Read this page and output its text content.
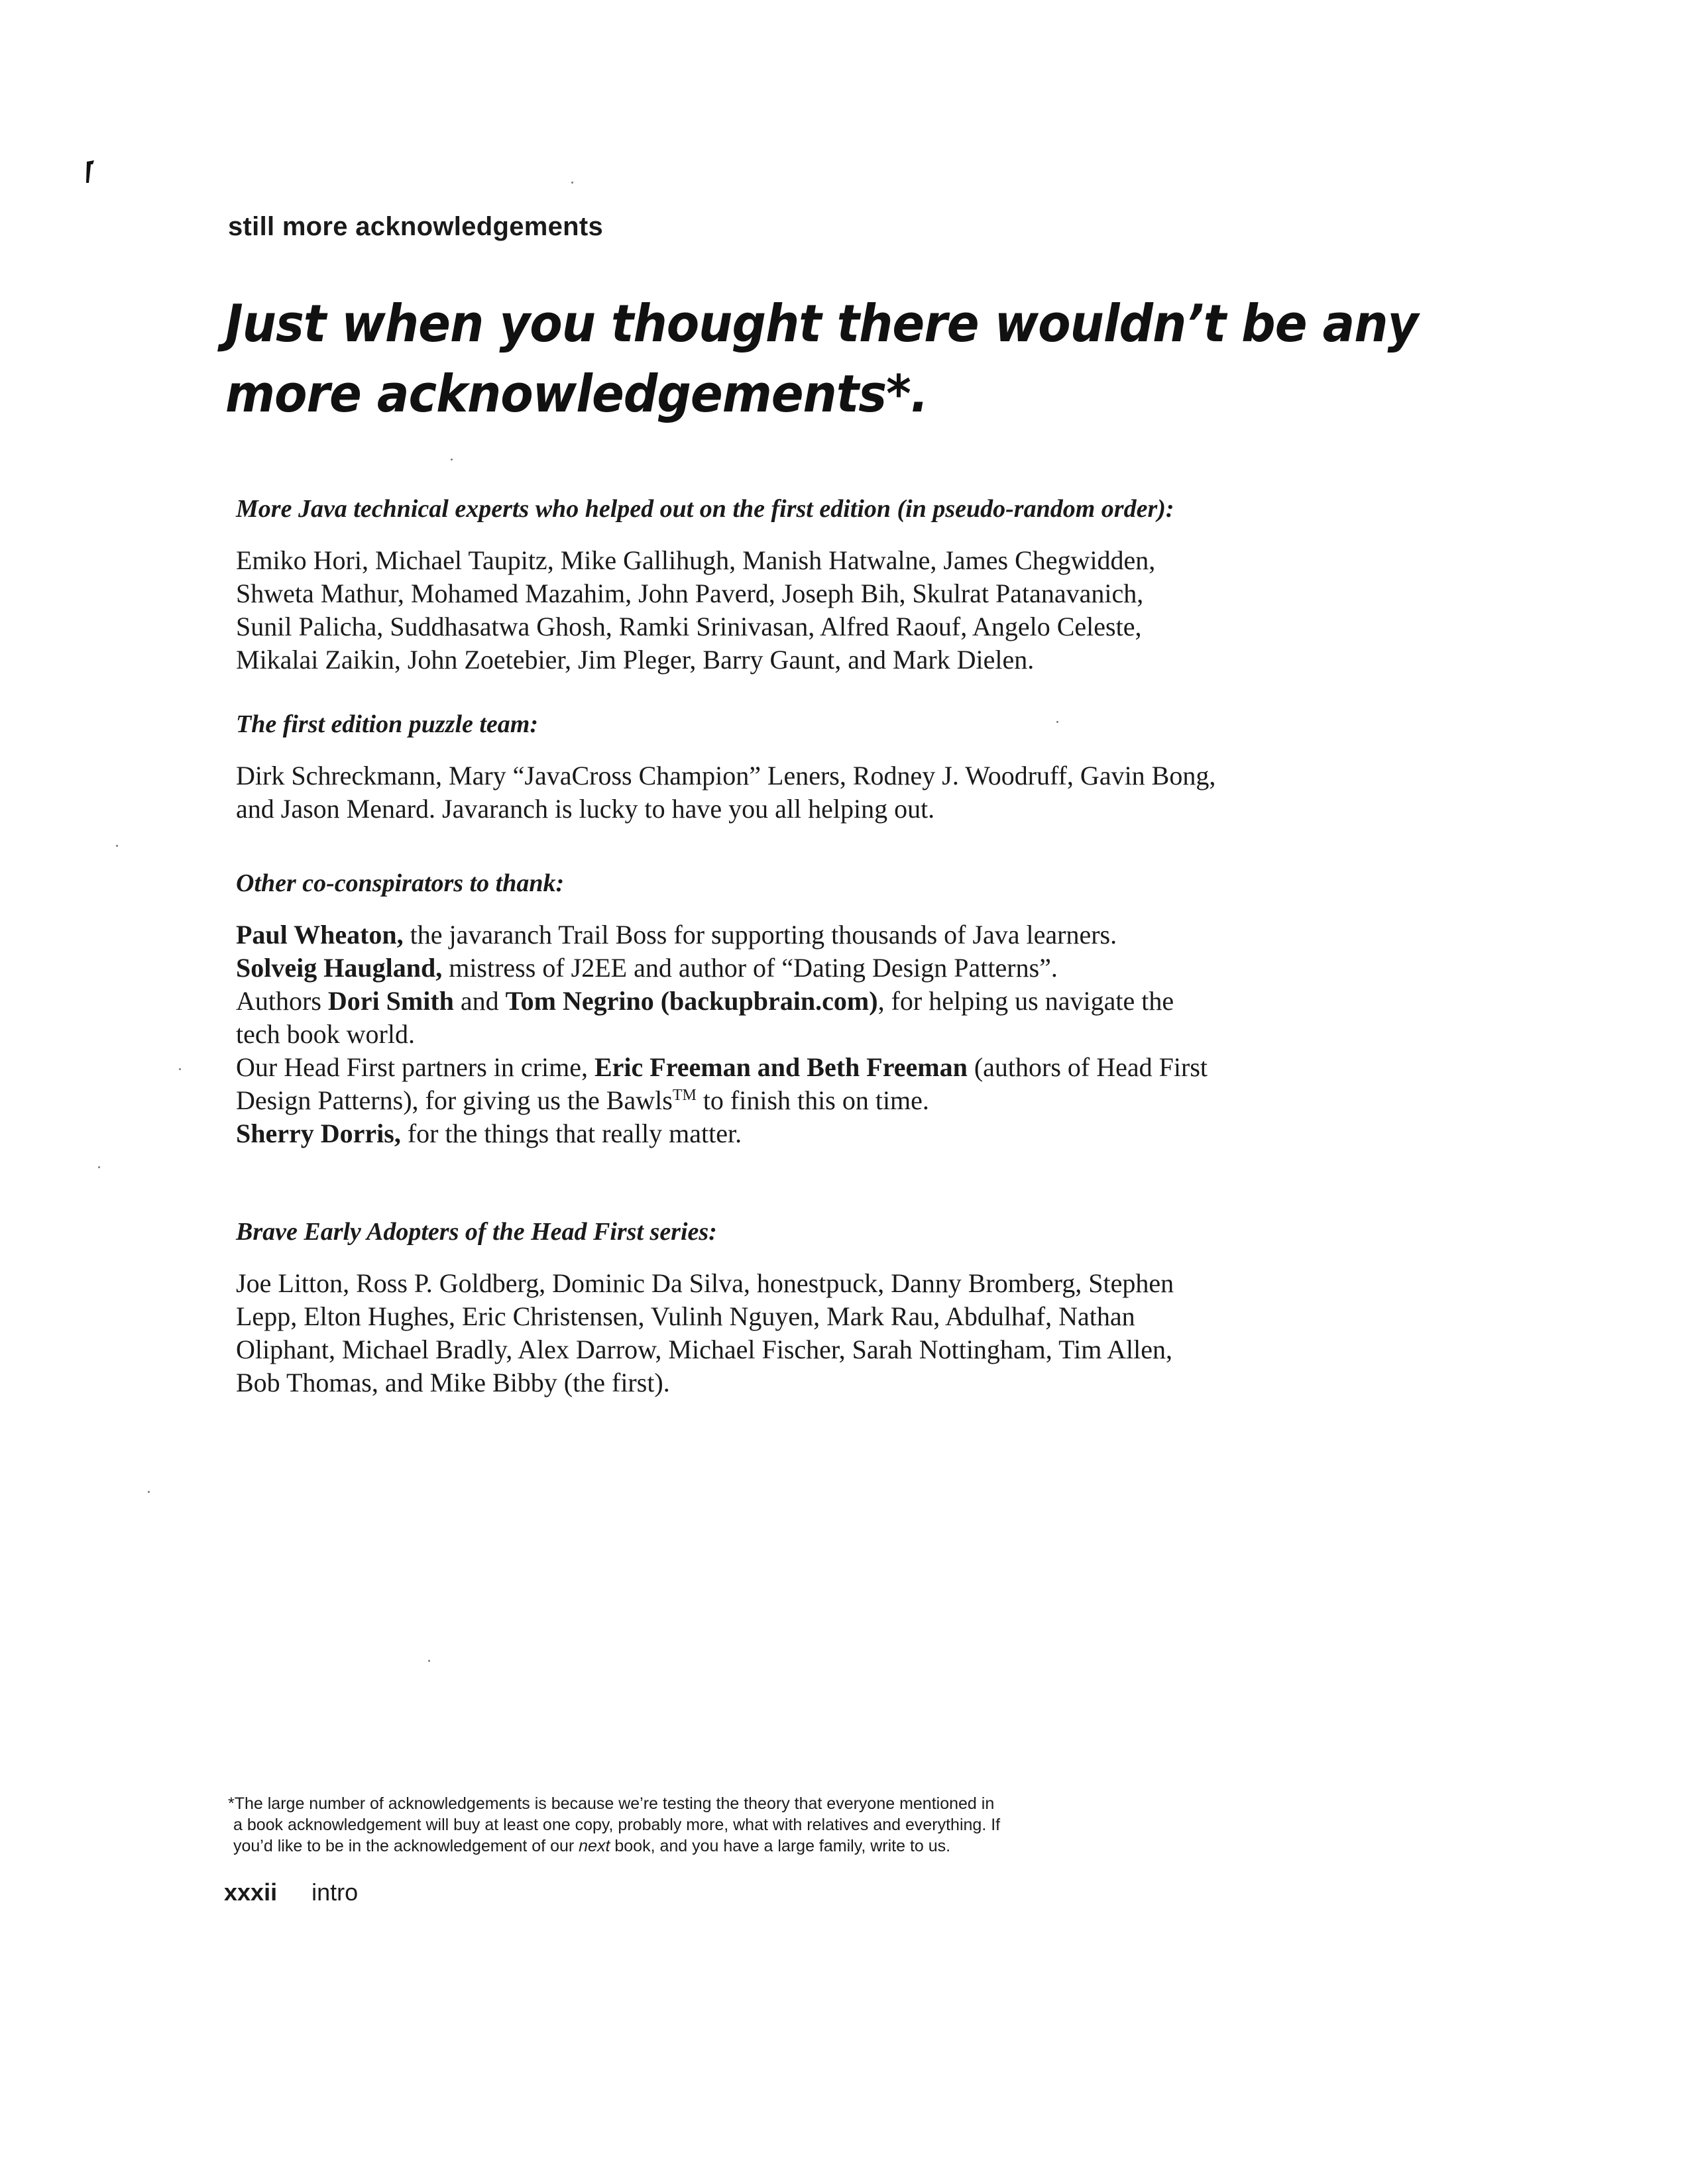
still more acknowledgements
Just when you thought there wouldn’t be any
more acknowledgements*.
More Java technical experts who helped out on the first edition (in pseudo-random order):
Emiko Hori, Michael Taupitz, Mike Gallihugh, Manish Hatwalne, James Chegwidden,
Shweta Mathur, Mohamed Mazahim, John Paverd, Joseph Bih, Skulrat Patanavanich,
Sunil Palicha, Suddhasatwa Ghosh, Ramki Srinivasan, Alfred Raouf, Angelo Celeste,
Mikalai Zaikin, John Zoetebier, Jim Pleger, Barry Gaunt, and Mark Dielen.
The first edition puzzle team:
Dirk Schreckmann, Mary “JavaCross Champion” Leners, Rodney J. Woodruff, Gavin Bong,
and Jason Menard. Javaranch is lucky to have you all helping out.
Other co-conspirators to thank:
Paul Wheaton, the javaranch Trail Boss for supporting thousands of Java learners.
Solveig Haugland, mistress of J2EE and author of “Dating Design Patterns”.
Authors Dori Smith and Tom Negrino (backupbrain.com), for helping us navigate the
tech book world.
Our Head First partners in crime, Eric Freeman and Beth Freeman (authors of Head First
Design Patterns), for giving us the Bawls™ to finish this on time.
Sherry Dorris, for the things that really matter.
Brave Early Adopters of the Head First series:
Joe Litton, Ross P. Goldberg, Dominic Da Silva, honestpuck, Danny Bromberg, Stephen
Lepp, Elton Hughes, Eric Christensen, Vulinh Nguyen, Mark Rau, Abdulhaf, Nathan
Oliphant, Michael Bradly, Alex Darrow, Michael Fischer, Sarah Nottingham, Tim Allen,
Bob Thomas, and Mike Bibby (the first).
*The large number of acknowledgements is because we’re testing the theory that everyone mentioned in
a book acknowledgement will buy at least one copy, probably more, what with relatives and everything. If
you’d like to be in the acknowledgement of our next book, and you have a large family, write to us.
xxxii intro
